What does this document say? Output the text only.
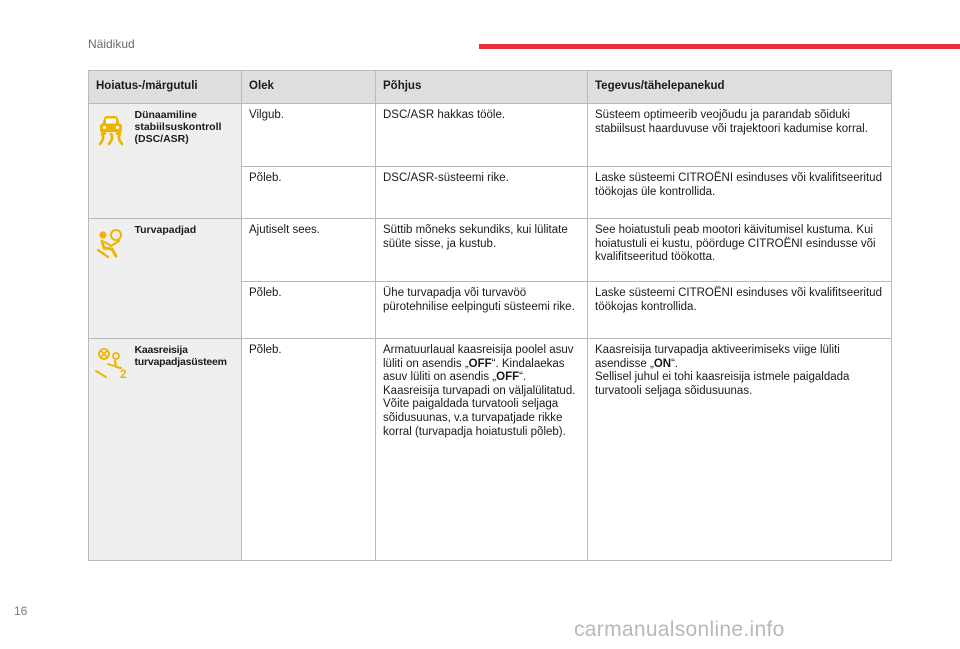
Näidikud
Hoiatus-/märgutuli		Olek	Põhjus	Tegevus/tähelepanekud

	Dünaamiline stabiilsuskontroll (DSC/ASR)	Vilgub.	DSC/ASR hakkas tööle.	Süsteem optimeerib veojõudu ja parandab sõiduki stabiilsust haarduvuse või trajektoori kadumise korral.
		Põleb.	DSC/ASR-süsteemi rike.	Laske süsteemi CITROËNI esinduses või kvalifitseeritud töökojas üle kontrollida.

	Turvapadjad	Ajutiselt sees.	Süttib mõneks sekundiks, kui lülitate süüte sisse, ja kustub.	See hoiatustuli peab mootori käivitumisel kustuma. Kui hoiatustuli ei kustu, pöörduge CITROËNI esindusse või kvalifitseeritud töökotta.
		Põleb.	Ühe turvapadja või turvavöö pürotehnilise eelpinguti süsteemi rike.	Laske süsteemi CITROËNI esinduses või kvalifitseeritud töökojas kontrollida.

2	Kaasreisija turvapadjasüsteem	Põleb.	Armatuurlaual kaasreisija poolel asuv lüliti on asendis „OFF“. Kindalaekas asuv lüliti on asendis „OFF“.
Kaasreisija turvapadi on väljalülitatud.
Võite paigaldada turvatooli seljaga sõidusuunas, v.a turvapatjade rikke korral (turvapadja hoiatustuli põleb).	Kaasreisija turvapadja aktiveerimiseks viige lüliti asendisse „ON“.
Sellisel juhul ei tohi kaasreisija istmele paigaldada turvatooli seljaga sõidusuunas.
16
carmanualsonline.info
